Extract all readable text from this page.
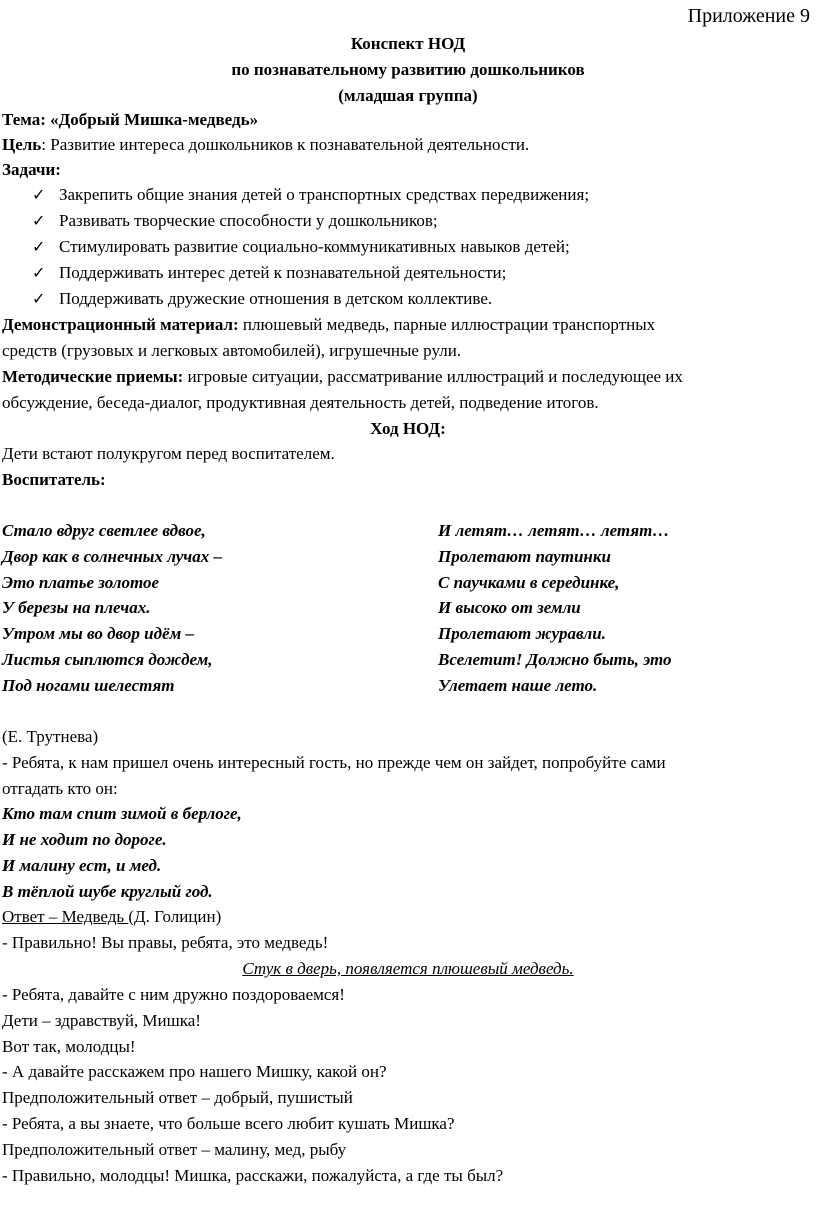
Приложение 9
Конспект НОД
по познавательному развитию дошкольников
(младшая группа)
Тема: «Добрый Мишка-медведь»
Цель: Развитие интереса дошкольников к познавательной деятельности.
Задачи:
✓ Закрепить общие знания детей о транспортных средствах передвижения;
✓ Развивать творческие способности у дошкольников;
✓ Стимулировать развитие социально-коммуникативных навыков детей;
✓ Поддерживать интерес детей к познавательной деятельности;
✓ Поддерживать дружеские отношения в детском коллективе.
Демонстрационный материал: плюшевый медведь, парные иллюстрации транспортных
средств (грузовых и легковых автомобилей), игрушечные рули.
Методические приемы: игровые ситуации, рассматривание иллюстраций и последующее их
обсуждение, беседа-диалог, продуктивная деятельность детей, подведение итогов.
Ход НОД:
Дети встают полукругом перед воспитателем.
Воспитатель:
Стало вдруг светлее вдвое,
Двор как в солнечных лучах –
Это платье золотое
У березы на плечах.
Утром мы во двор идём –
Листья сыплются дождем,
Под ногами шелестят
И летят… летят… летят…
Пролетают паутинки
С паучками в серединке,
И высоко от земли
Пролетают журавли.
Вселетит! Должно быть, это
Улетает наше лето.
(Е. Трутнева)
- Ребята, к нам пришел очень интересный гость, но прежде чем он зайдет, попробуйте сами
отгадать кто он:
Кто там спит зимой в берлоге,
И не ходит по дороге.
И малину ест, и мед.
В тёплой шубе круглый год.
Ответ – Медведь (Д. Голицин)
- Правильно! Вы правы, ребята, это медведь!
Стук в дверь, появляется плюшевый медведь.
- Ребята, давайте с ним дружно поздороваемся!
Дети – здравствуй, Мишка!
Вот так, молодцы!
- А давайте расскажем про нашего Мишку, какой он?
Предположительный ответ – добрый, пушистый
- Ребята, а вы знаете, что больше всего любит кушать Мишка?
Предположительный ответ – малину, мед, рыбу
- Правильно, молодцы! Мишка, расскажи, пожалуйста, а где ты был?
